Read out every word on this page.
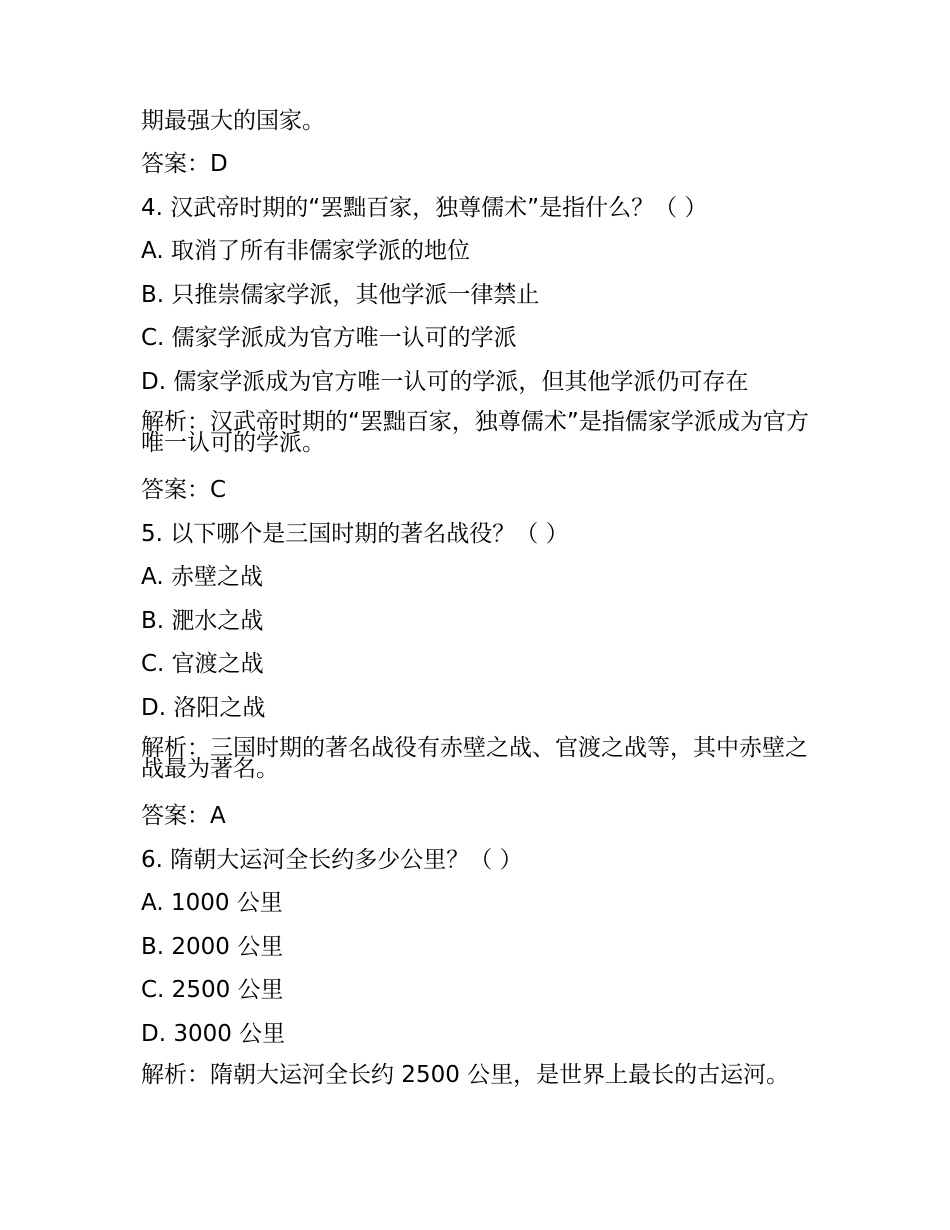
期最强大的国家。
答案：D
4. 汉武帝时期的“罢黜百家，独尊儒术”是指什么？（ ）
A. 取消了所有非儒家学派的地位
B. 只推崇儒家学派，其他学派一律禁止
C. 儒家学派成为官方唯一认可的学派
D. 儒家学派成为官方唯一认可的学派，但其他学派仍可存在
解析：汉武帝时期的“罢黜百家，独尊儒术”是指儒家学派成为官方唯一认可的学派。
答案：C
5. 以下哪个是三国时期的著名战役？（ ）
A. 赤壁之战
B. 淝水之战
C. 官渡之战
D. 洛阳之战
解析：三国时期的著名战役有赤壁之战、官渡之战等，其中赤壁之战最为著名。
答案：A
6. 隋朝大运河全长约多少公里？（ ）
A. 1000 公里
B. 2000 公里
C. 2500 公里
D. 3000 公里
解析：隋朝大运河全长约 2500 公里，是世界上最长的古运河。
